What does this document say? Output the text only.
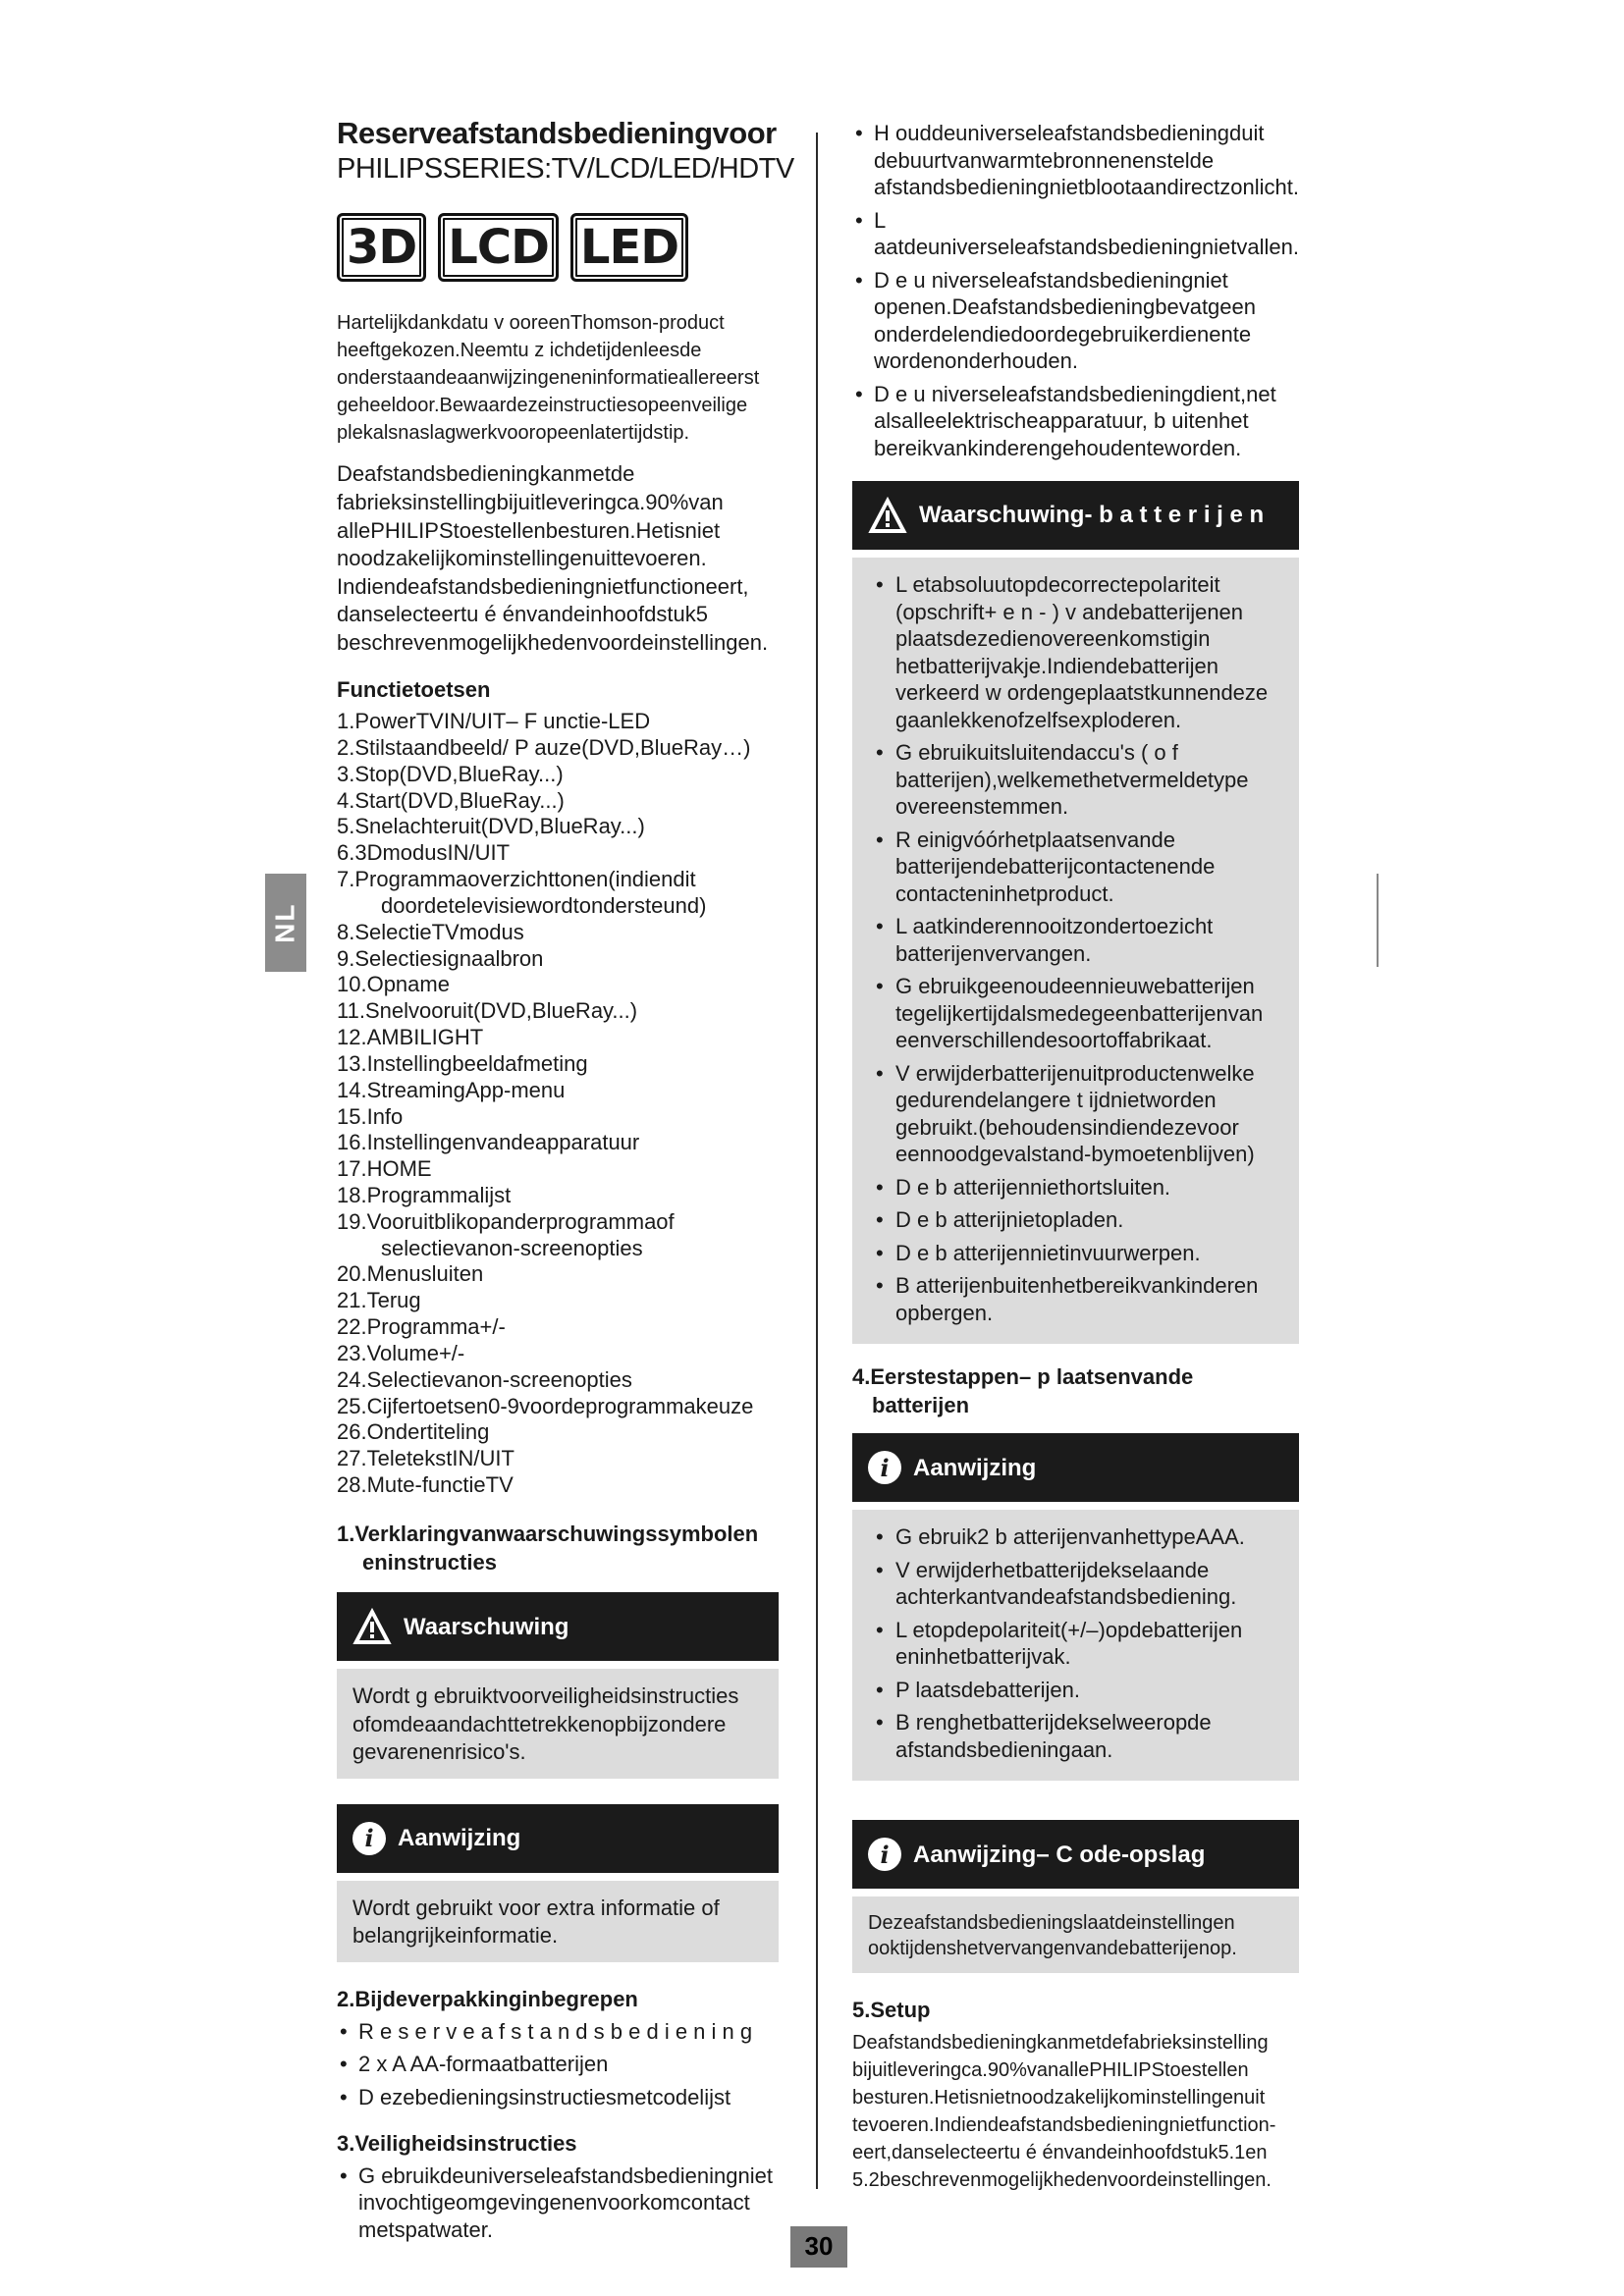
NL
Reserveafstandsbedieningvoor
PHILIPSSERIES:TV/LCD/LED/HDTV
3D LCD LED

Hartelijkdankdatu v ooreenThomson-product heeftgekozen.Neemtu z ichdetijdenleesde onderstaandeaanwijzingeneninformatieallereerst geheeldoor.Bewaardezeinstructiesopeenveilige plekalsnaslagwerkvooropeenlatertijdstip.

Deafstandsbedieningkanmetde fabrieksinstellingbijuitleveringca.90%van allePHILIPStoestellenbesturen.Hetisniet noodzakelijkominstellingenuittevoeren. Indiendeafstandsbedieningnietfunctioneert, danselecteertu é énvandeinhoofdstuk5 beschrevenmogelijkhedenvoordeinstellingen.

Functietoetsen
1.PowerTVIN/UIT– F unctie-LED
2.Stilstaandbeeld/ P auze(DVD,BlueRay…)
3.Stop(DVD,BlueRay...)
4.Start(DVD,BlueRay...)
5.Snelachteruit(DVD,BlueRay...)
6.3DmodusIN/UIT
7.Programmaoverzichttonen(indiendit
doordetelevisiewordtondersteund)
8.SelectieTVmodus
9.Selectiesignaalbron
10.Opname
11.Snelvooruit(DVD,BlueRay...)
12.AMBILIGHT
13.Instellingbeeldafmeting
14.StreamingApp-menu
15.Info
16.Instellingenvandeapparatuur
17.HOME
18.Programmalijst
19.Vooruitblikopanderprogrammaof
selectievanon-screenopties
20.Menusluiten
21.Terug
22.Programma+/-
23.Volume+/-
24.Selectievanon-screenopties
25.Cijfertoetsen0-9voordeprogrammakeuze
26.Ondertiteling
27.TeletekstIN/UIT
28.Mute-functieTV
1.Verklaringvanwaarschuwingssymbolen
eninstructies
Waarschuwing
Wordt g ebruiktvoorveiligheidsinstructies ofomdeaandachttetrekkenopbijzondere gevarenenrisico's.
i	Aanwijzing
Wordt gebruikt voor extra informatie of belangrijkeinformatie.
2.Bijdeverpakkinginbegrepen
• R e s e r v e a f s t a n d s b e d i e n i n g
• 2 x A AA-formaatbatterijen
• D ezebedieningsinstructiesmetcodelijst
3.Veiligheidsinstructies
• G ebruikdeuniverseleafstandsbedieningniet invochtigeomgevingenenvoorkomcontact metspatwater.
• H ouddeuniverseleafstandsbedieningduit debuurtvanwarmtebronnenenstelde afstandsbedieningnietblootaandirectzonlicht.
• L aatdeuniverseleafstandsbedieningnietvallen.
• D e u niverseleafstandsbedieningniet openen.Deafstandsbedieningbevatgeen onderdelendiedoordegebruikerdienente wordenonderhouden.
• D e u niverseleafstandsbedieningdient,net alsalleelektrischeapparatuur, b uitenhet bereikvankinderengehoudenteworden.
Waarschuwing- b a t t e r i j e n
• L etabsoluutopdecorrectepolariteit (opschrift+ e n - ) v andebatterijenen plaatsdezedienovereenkomstigin hetbatterijvakje.Indiendebatterijen verkeerd w ordengeplaatstkunnendeze gaanlekkenofzelfsexploderen.
• G ebruikuitsluitendaccu's ( o f batterijen),welkemethetvermeldetype overeenstemmen.
• R einigvóórhetplaatsenvande batterijendebatterijcontactenende contacteninhetproduct.
• L aatkinderennooitzondertoezicht batterijenvervangen.
• G ebruikgeenoudeennieuwebatterijen tegelijkertijdalsmedegeenbatterijenvan eenverschillendesoortoffabrikaat.
• V erwijderbatterijenuitproductenwelke gedurendelangere t ijdnietworden gebruikt.(behoudensindiendezevoor eennoodgevalstand-bymoetenblijven)
• D e b atterijenniethortsluiten.
• D e b atterijnietopladen.
• D e b atterijennietinvuurwerpen.
• B atterijenbuitenhetbereikvankinderen opbergen.
4.Eerstestappen– p laatsenvande
batterijen
i	Aanwijzing
• G ebruik2 b atterijenvanhettypeAAA.
• V erwijderhetbatterijdekselaande achterkantvandeafstandsbediening.
• L etopdepolariteit(+/–)opdebatterijen eninhetbatterijvak.
• P laatsdebatterijen.
• B renghetbatterijdekselweeropde afstandsbedieningaan.
i	Aanwijzing– C ode-opslag
Dezeafstandsbedieningslaatdeinstellingen ooktijdenshetvervangenvandebatterijenop.
5.Setup

Deafstandsbedieningkanmetdefabrieksinstelling bijuitleveringca.90%vanallePHILIPStoestellen besturen.Hetisnietnoodzakelijkominstellingenuit tevoeren.Indiendeafstandsbedieningnietfunction- eert,danselecteertu é énvandeinhoofdstuk5.1en 5.2beschrevenmogelijkhedenvoordeinstellingen.

30
